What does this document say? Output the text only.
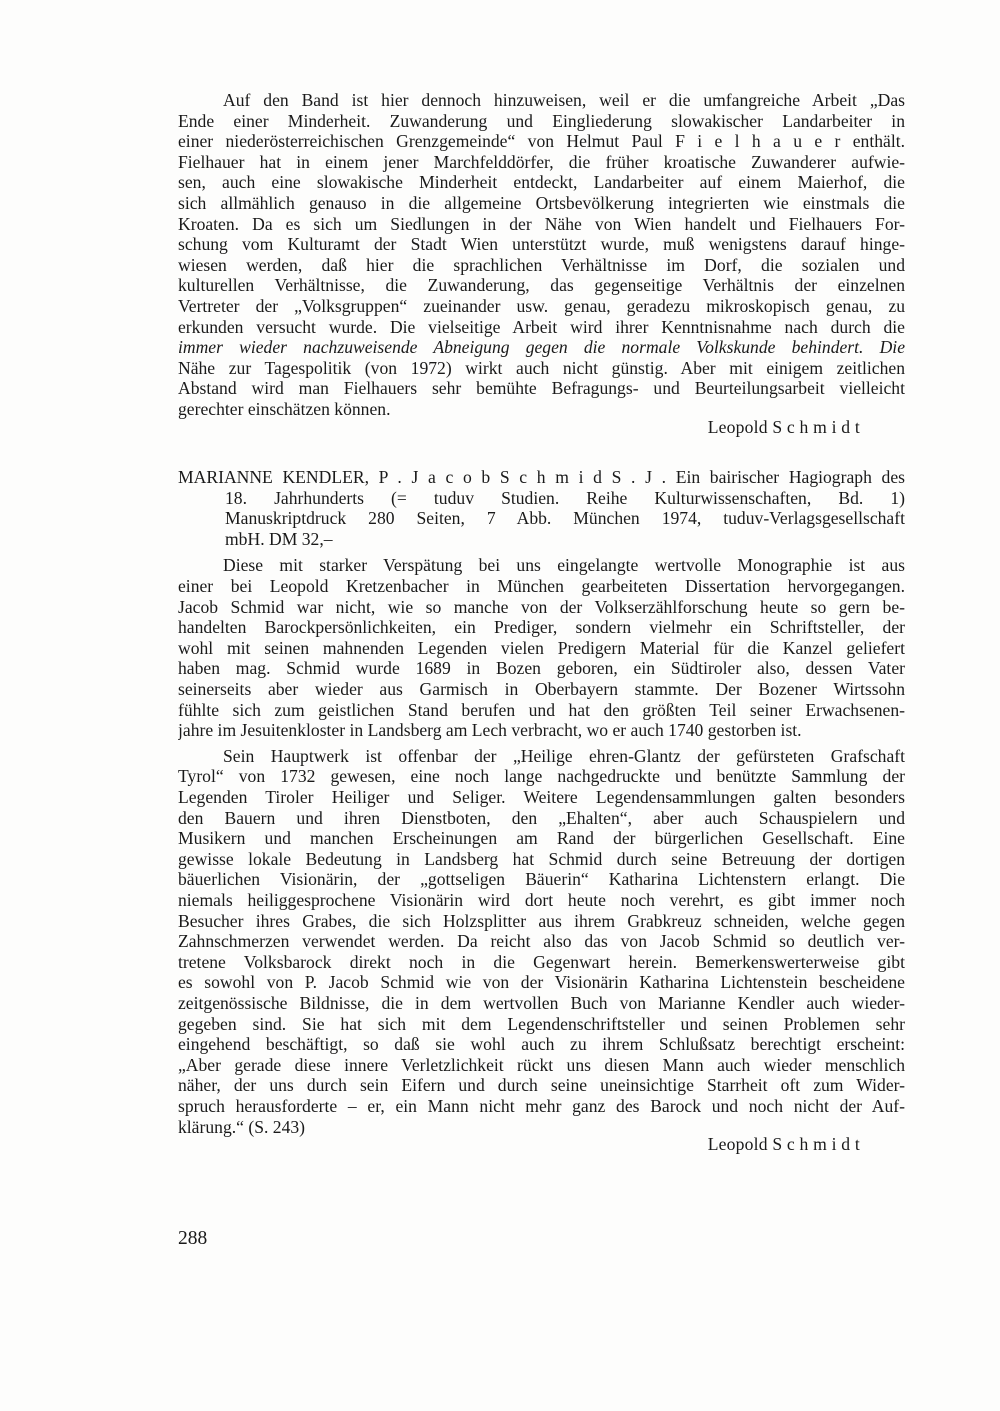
Auf den Band ist hier dennoch hinzuweisen, weil er die umfangreiche Arbeit „Das
Ende einer Minderheit. Zuwanderung und Eingliederung slowakischer Landarbeiter in
einer niederösterreichischen Grenzgemeinde“ von Helmut Paul F i e l h a u e r enthält.
Fielhauer hat in einem jener Marchfelddörfer, die früher kroatische Zuwanderer aufwie-
sen, auch eine slowakische Minderheit entdeckt, Landarbeiter auf einem Maierhof, die
sich allmählich genauso in die allgemeine Ortsbevölkerung integrierten wie einstmals die
Kroaten. Da es sich um Siedlungen in der Nähe von Wien handelt und Fielhauers For-
schung vom Kulturamt der Stadt Wien unterstützt wurde, muß wenigstens darauf hinge-
wiesen werden, daß hier die sprachlichen Verhältnisse im Dorf, die sozialen und
kulturellen Verhältnisse, die Zuwanderung, das gegenseitige Verhältnis der einzelnen
Vertreter der „Volksgruppen“ zueinander usw. genau, geradezu mikroskopisch genau, zu
erkunden versucht wurde. Die vielseitige Arbeit wird ihrer Kenntnisnahme nach durch die
immer wieder nachzuweisende Abneigung gegen die normale Volkskunde behindert. Die
Nähe zur Tagespolitik (von 1972) wirkt auch nicht günstig. Aber mit einigem zeitlichen
Abstand wird man Fielhauers sehr bemühte Befragungs- und Beurteilungsarbeit vielleicht
gerechter einschätzen können.
Leopold S c h m i d t
MARIANNE KENDLER, P . J a c o b S c h m i d S . J . Ein bairischer Hagiograph des
18. Jahrhunderts (= tuduv Studien. Reihe Kulturwissenschaften, Bd. 1)
Manuskriptdruck 280 Seiten, 7 Abb. München 1974, tuduv-Verlagsgesellschaft
mbH. DM 32,–
Diese mit starker Verspätung bei uns eingelangte wertvolle Monographie ist aus
einer bei Leopold Kretzenbacher in München gearbeiteten Dissertation hervorgegangen.
Jacob Schmid war nicht, wie so manche von der Volkserzählforschung heute so gern be-
handelten Barockpersönlichkeiten, ein Prediger, sondern vielmehr ein Schriftsteller, der
wohl mit seinen mahnenden Legenden vielen Predigern Material für die Kanzel geliefert
haben mag. Schmid wurde 1689 in Bozen geboren, ein Südtiroler also, dessen Vater
seinerseits aber wieder aus Garmisch in Oberbayern stammte. Der Bozener Wirtssohn
fühlte sich zum geistlichen Stand berufen und hat den größten Teil seiner Erwachsenen-
jahre im Jesuitenkloster in Landsberg am Lech verbracht, wo er auch 1740 gestorben ist.
Sein Hauptwerk ist offenbar der „Heilige ehren-Glantz der gefürsteten Grafschaft
Tyrol“ von 1732 gewesen, eine noch lange nachgedruckte und benützte Sammlung der
Legenden Tiroler Heiliger und Seliger. Weitere Legendensammlungen galten besonders
den Bauern und ihren Dienstboten, den „Ehalten“, aber auch Schauspielern und
Musikern und manchen Erscheinungen am Rand der bürgerlichen Gesellschaft. Eine
gewisse lokale Bedeutung in Landsberg hat Schmid durch seine Betreuung der dortigen
bäuerlichen Visionärin, der „gottseligen Bäuerin“ Katharina Lichtenstern erlangt. Die
niemals heiliggesprochene Visionärin wird dort heute noch verehrt, es gibt immer noch
Besucher ihres Grabes, die sich Holzsplitter aus ihrem Grabkreuz schneiden, welche gegen
Zahnschmerzen verwendet werden. Da reicht also das von Jacob Schmid so deutlich ver-
tretene Volksbarock direkt noch in die Gegenwart herein. Bemerkenswerterweise gibt
es sowohl von P. Jacob Schmid wie von der Visionärin Katharina Lichtenstein bescheidene
zeitgenössische Bildnisse, die in dem wertvollen Buch von Marianne Kendler auch wieder-
gegeben sind. Sie hat sich mit dem Legendenschriftsteller und seinen Problemen sehr
eingehend beschäftigt, so daß sie wohl auch zu ihrem Schlußsatz berechtigt erscheint:
„Aber gerade diese innere Verletzlichkeit rückt uns diesen Mann auch wieder menschlich
näher, der uns durch sein Eifern und durch seine uneinsichtige Starrheit oft zum Wider-
spruch herausforderte – er, ein Mann nicht mehr ganz des Barock und noch nicht der Auf-
klärung.“ (S. 243)
Leopold S c h m i d t
288
